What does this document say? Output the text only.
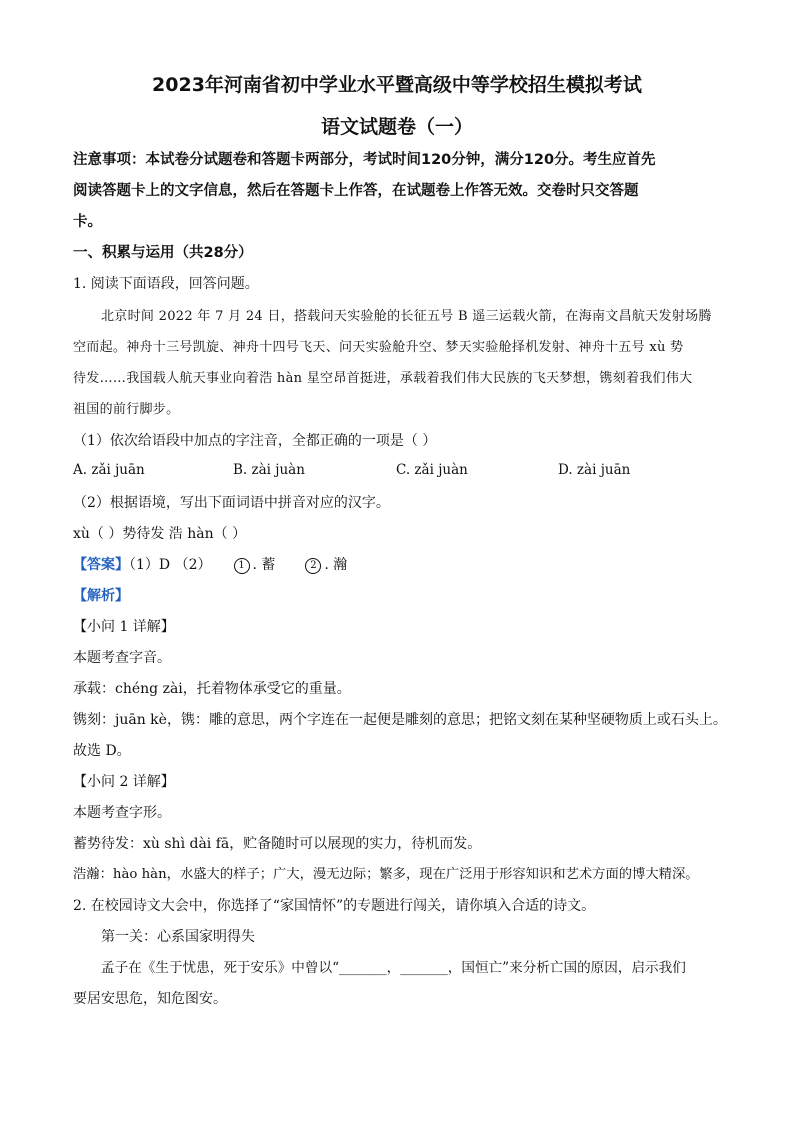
2023年河南省初中学业水平暨高级中等学校招生模拟考试
语文试题卷（一）
注意事项：本试卷分试题卷和答题卡两部分，考试时间120分钟，满分120分。考生应首先
阅读答题卡上的文字信息，然后在答题卡上作答，在试题卷上作答无效。交卷时只交答题
卡。
一、积累与运用（共28分）
1. 阅读下面语段，回答问题。
北京时间 2022 年 7 月 24 日，搭载问天实验舱的长征五号 B 遥三运载火箭，在海南文昌航天发射场腾
空而起。神舟十三号凯旋、神舟十四号飞天、问天实验舱升空、梦天实验舱择机发射、神舟十五号 xù 势
待发……我国载人航天事业向着浩 hàn 星空昂首挺进，承载着我们伟大民族的飞天梦想，镌刻着我们伟大
祖国的前行脚步。
（1）依次给语段中加点的字注音，全都正确的一项是（ ）
A. zǎi juān	B. zài juàn	C. zǎi juàn	D. zài juān
（2）根据语境，写出下面词语中拼音对应的汉字。
xù（ ）势待发 浩 hàn（ ）
【答案】（1）D （2）	1 . 蓄	2 . 瀚
【解析】
【小问 1 详解】
本题考查字音。
承载：chéng zài，托着物体承受它的重量。
镌刻：juān kè，镌：雕的意思，两个字连在一起便是雕刻的意思；把铭文刻在某种坚硬物质上或石头上。
故选 D。
【小问 2 详解】
本题考查字形。
蓄势待发：xù shì dài fā，贮备随时可以展现的实力，待机而发。
浩瀚：hào hàn，水盛大的样子；广大，漫无边际；繁多，现在广泛用于形容知识和艺术方面的博大精深。
2. 在校园诗文大会中，你选择了“家国情怀”的专题进行闯关，请你填入合适的诗文。
第一关：心系国家明得失
孟子在《生于忧患，死于安乐》中曾以“_______，_______，国恒亡”来分析亡国的原因，启示我们
要居安思危，知危图安。
